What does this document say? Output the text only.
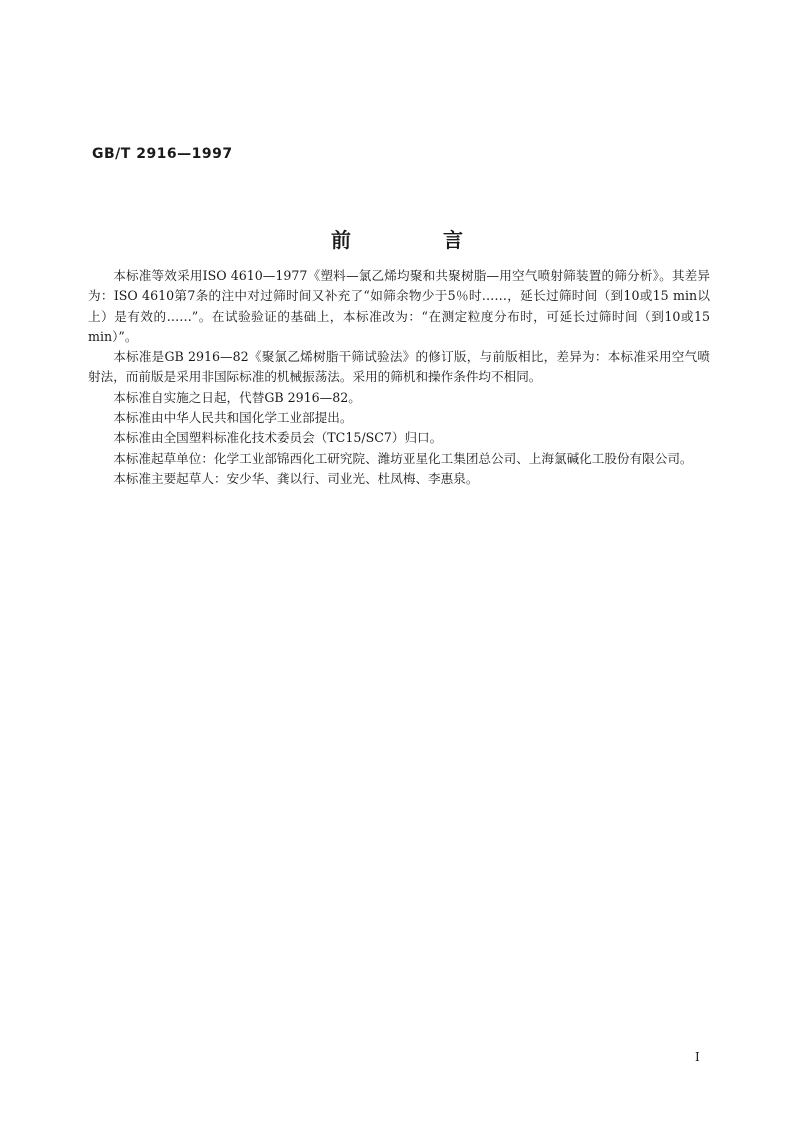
GB/T 2916—1997
前　言

本标准等效采用ISO 4610—1977《塑料—氯乙烯均聚和共聚树脂—用空气喷射筛装置的筛分析》。其差异为：ISO 4610第7条的注中对过筛时间又补充了“如筛余物少于5％时……，延长过筛时间（到10或15 min以上）是有效的……”。在试验验证的基础上，本标准改为：“在测定粒度分布时，可延长过筛时间（到10或15 min）”。

本标准是GB 2916—82《聚氯乙烯树脂干筛试验法》的修订版，与前版相比，差异为：本标准采用空气喷射法，而前版是采用非国际标准的机械振荡法。采用的筛机和操作条件均不相同。

本标准自实施之日起，代替GB 2916—82。

本标准由中华人民共和国化学工业部提出。

本标准由全国塑料标准化技术委员会（TC15/SC7）归口。

本标准起草单位：化学工业部锦西化工研究院、潍坊亚星化工集团总公司、上海氯碱化工股份有限公司。

本标准主要起草人：安少华、龚以行、司业光、杜凤梅、李惠泉。

I
